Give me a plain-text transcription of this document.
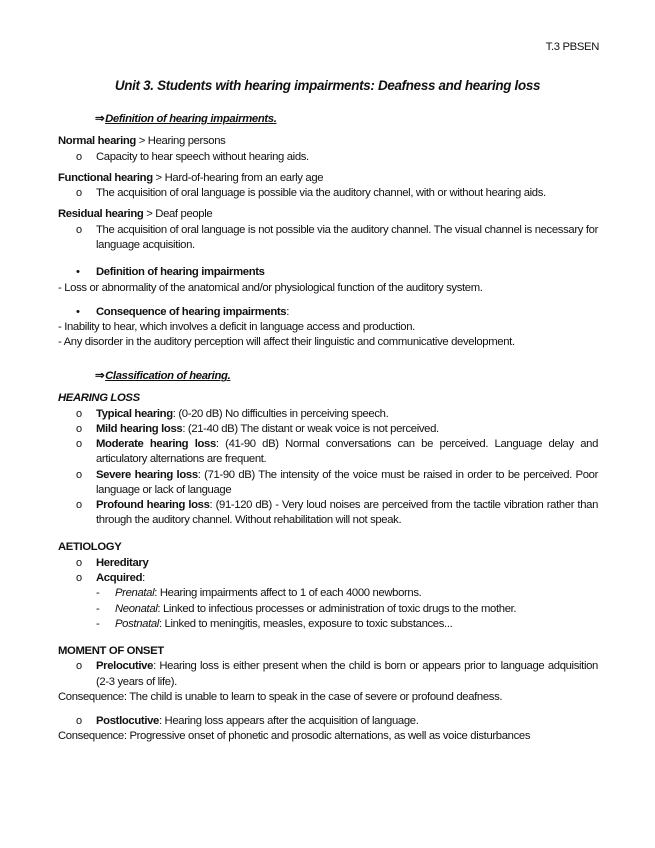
T.3 PBSEN
Unit 3. Students with hearing impairments: Deafness and hearing loss
⇒Definition of hearing impairments.
Normal hearing > Hearing persons
o Capacity to hear speech without hearing aids.
Functional hearing > Hard-of-hearing from an early age
o The acquisition of oral language is possible via the auditory channel, with or without hearing aids.
Residual hearing > Deaf people
o The acquisition of oral language is not possible via the auditory channel. The visual channel is necessary for language acquisition.
• Definition of hearing impairments
- Loss or abnormality of the anatomical and/or physiological function of the auditory system.
• Consequence of hearing impairments:
- Inability to hear, which involves a deficit in language access and production.
- Any disorder in the auditory perception will affect their linguistic and communicative development.
⇒Classification of hearing.
HEARING LOSS
o Typical hearing: (0-20 dB) No difficulties in perceiving speech.
o Mild hearing loss: (21-40 dB) The distant or weak voice is not perceived.
o Moderate hearing loss: (41-90 dB) Normal conversations can be perceived. Language delay and articulatory alternations are frequent.
o Severe hearing loss: (71-90 dB) The intensity of the voice must be raised in order to be perceived. Poor language or lack of language
o Profound hearing loss: (91-120 dB) - Very loud noises are perceived from the tactile vibration rather than through the auditory channel. Without rehabilitation will not speak.
AETIOLOGY
o Hereditary
o Acquired:
- Prenatal: Hearing impairments affect to 1 of each 4000 newborns.
- Neonatal: Linked to infectious processes or administration of toxic drugs to the mother.
- Postnatal: Linked to meningitis, measles, exposure to toxic substances...
MOMENT OF ONSET
o Prelocutive: Hearing loss is either present when the child is born or appears prior to language adquisition (2-3 years of life).
Consequence: The child is unable to learn to speak in the case of severe or profound deafness.
o Postlocutive: Hearing loss appears after the acquisition of language.
Consequence: Progressive onset of phonetic and prosodic alternations, as well as voice disturbances
